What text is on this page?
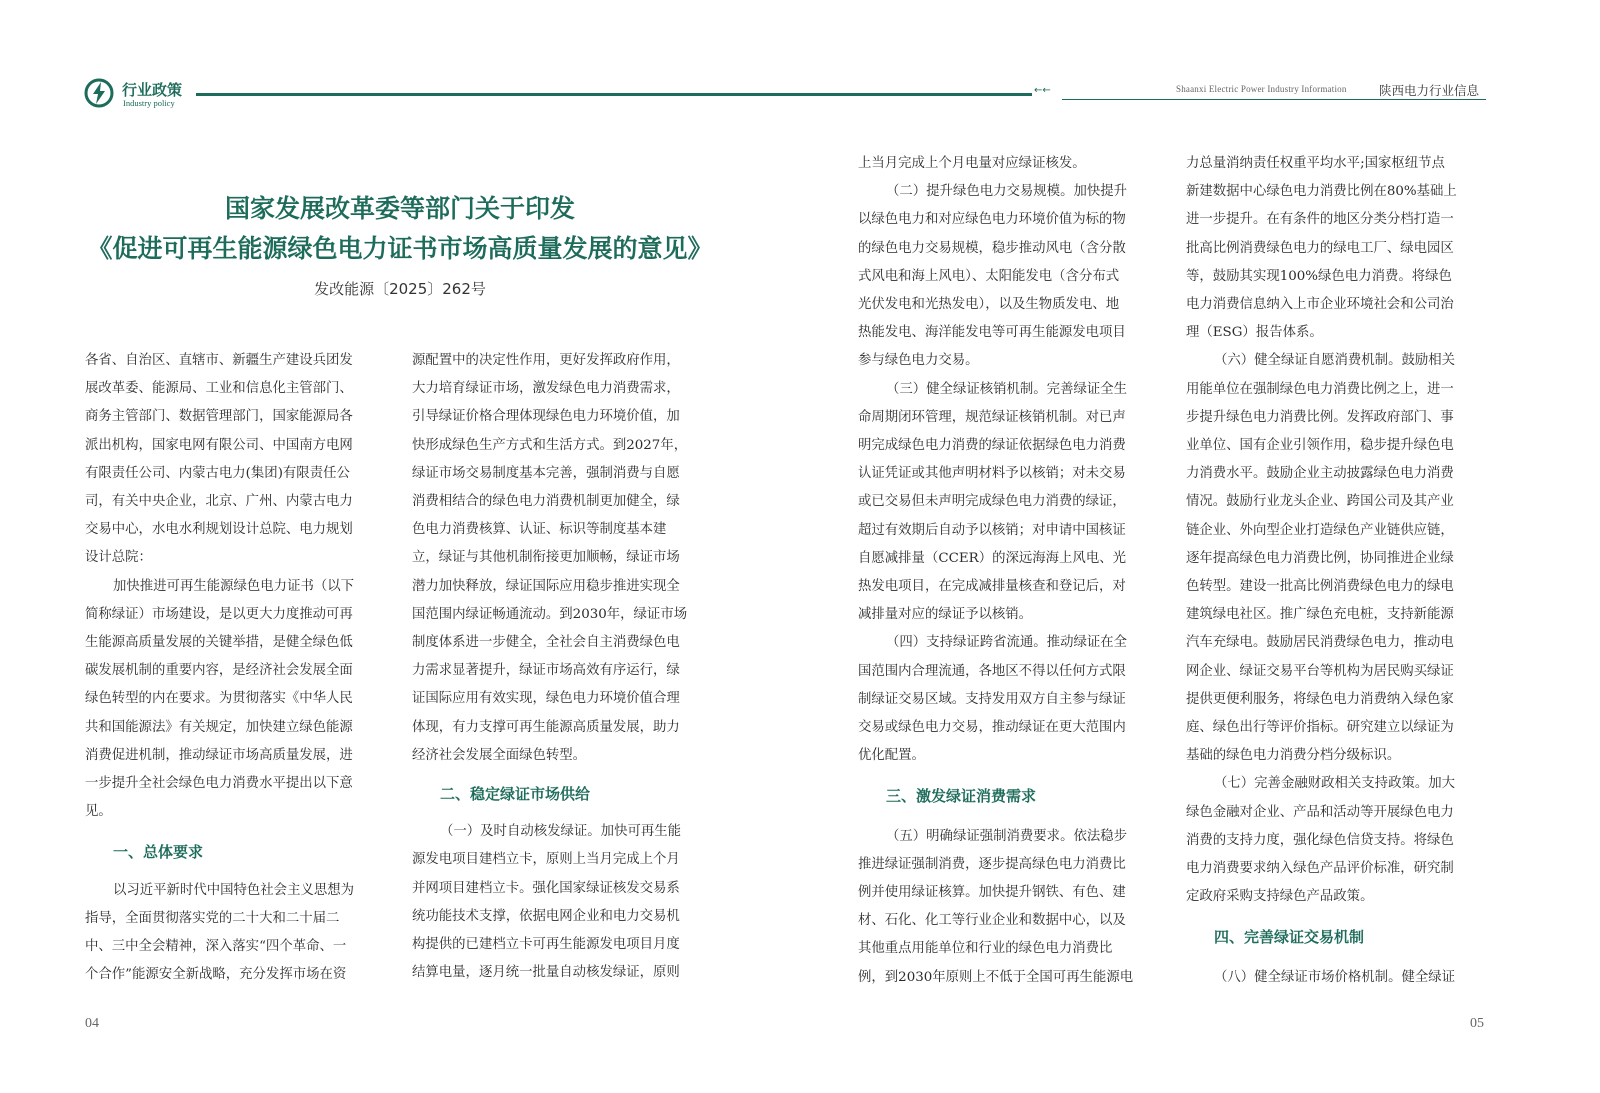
行业政策
Industry policy
←←	Shaanxi Electric Power Industry Information	陕西电力行业信息
国家发展改革委等部门关于印发
《促进可再生能源绿色电力证书市场高质量发展的意见》
发改能源〔2025〕262号

各省、自治区、直辖市、新疆生产建设兵团发

展改革委、能源局、工业和信息化主管部门、

商务主管部门、数据管理部门，国家能源局各

派出机构，国家电网有限公司、中国南方电网

有限责任公司、内蒙古电力(集团)有限责任公

司，有关中央企业，北京、广州、内蒙古电力

交易中心，水电水利规划设计总院、电力规划

设计总院：

加快推进可再生能源绿色电力证书（以下

简称绿证）市场建设，是以更大力度推动可再

生能源高质量发展的关键举措，是健全绿色低

碳发展机制的重要内容，是经济社会发展全面

绿色转型的内在要求。为贯彻落实《中华人民

共和国能源法》有关规定，加快建立绿色能源

消费促进机制，推动绿证市场高质量发展，进

一步提升全社会绿色电力消费水平提出以下意

见。

一、总体要求

以习近平新时代中国特色社会主义思想为

指导，全面贯彻落实党的二十大和二十届二

中、三中全会精神，深入落实“四个革命、一

个合作”能源安全新战略，充分发挥市场在资

源配置中的决定性作用，更好发挥政府作用，

大力培育绿证市场，激发绿色电力消费需求，

引导绿证价格合理体现绿色电力环境价值，加

快形成绿色生产方式和生活方式。到2027年，

绿证市场交易制度基本完善，强制消费与自愿

消费相结合的绿色电力消费机制更加健全，绿

色电力消费核算、认证、标识等制度基本建

立，绿证与其他机制衔接更加顺畅，绿证市场

潜力加快释放，绿证国际应用稳步推进实现全

国范围内绿证畅通流动。到2030年，绿证市场

制度体系进一步健全，全社会自主消费绿色电

力需求显著提升，绿证市场高效有序运行，绿

证国际应用有效实现，绿色电力环境价值合理

体现，有力支撑可再生能源高质量发展，助力

经济社会发展全面绿色转型。

二、稳定绿证市场供给

（一）及时自动核发绿证。加快可再生能

源发电项目建档立卡，原则上当月完成上个月

并网项目建档立卡。强化国家绿证核发交易系

统功能技术支撑，依据电网企业和电力交易机

构提供的已建档立卡可再生能源发电项目月度

结算电量，逐月统一批量自动核发绿证，原则

上当月完成上个月电量对应绿证核发。

（二）提升绿色电力交易规模。加快提升

以绿色电力和对应绿色电力环境价值为标的物

的绿色电力交易规模，稳步推动风电（含分散

式风电和海上风电）、太阳能发电（含分布式

光伏发电和光热发电），以及生物质发电、地

热能发电、海洋能发电等可再生能源发电项目

参与绿色电力交易。

（三）健全绿证核销机制。完善绿证全生

命周期闭环管理，规范绿证核销机制。对已声

明完成绿色电力消费的绿证依据绿色电力消费

认证凭证或其他声明材料予以核销；对未交易

或已交易但未声明完成绿色电力消费的绿证，

超过有效期后自动予以核销；对申请中国核证

自愿减排量（CCER）的深远海海上风电、光

热发电项目，在完成减排量核查和登记后，对

减排量对应的绿证予以核销。

（四）支持绿证跨省流通。推动绿证在全

国范围内合理流通，各地区不得以任何方式限

制绿证交易区域。支持发用双方自主参与绿证

交易或绿色电力交易，推动绿证在更大范围内

优化配置。

三、激发绿证消费需求

（五）明确绿证强制消费要求。依法稳步

推进绿证强制消费，逐步提高绿色电力消费比

例并使用绿证核算。加快提升钢铁、有色、建

材、石化、化工等行业企业和数据中心，以及

其他重点用能单位和行业的绿色电力消费比

例，到2030年原则上不低于全国可再生能源电

力总量消纳责任权重平均水平;国家枢纽节点

新建数据中心绿色电力消费比例在80%基础上

进一步提升。在有条件的地区分类分档打造一

批高比例消费绿色电力的绿电工厂、绿电园区

等，鼓励其实现100%绿色电力消费。将绿色

电力消费信息纳入上市企业环境社会和公司治

理（ESG）报告体系。

（六）健全绿证自愿消费机制。鼓励相关

用能单位在强制绿色电力消费比例之上，进一

步提升绿色电力消费比例。发挥政府部门、事

业单位、国有企业引领作用，稳步提升绿色电

力消费水平。鼓励企业主动披露绿色电力消费

情况。鼓励行业龙头企业、跨国公司及其产业

链企业、外向型企业打造绿色产业链供应链，

逐年提高绿色电力消费比例，协同推进企业绿

色转型。建设一批高比例消费绿色电力的绿电

建筑绿电社区。推广绿色充电桩，支持新能源

汽车充绿电。鼓励居民消费绿色电力，推动电

网企业、绿证交易平台等机构为居民购买绿证

提供更便利服务，将绿色电力消费纳入绿色家

庭、绿色出行等评价指标。研究建立以绿证为

基础的绿色电力消费分档分级标识。

（七）完善金融财政相关支持政策。加大

绿色金融对企业、产品和活动等开展绿色电力

消费的支持力度，强化绿色信贷支持。将绿色

电力消费要求纳入绿色产品评价标准，研究制

定政府采购支持绿色产品政策。

四、完善绿证交易机制

（八）健全绿证市场价格机制。健全绿证

04	05
